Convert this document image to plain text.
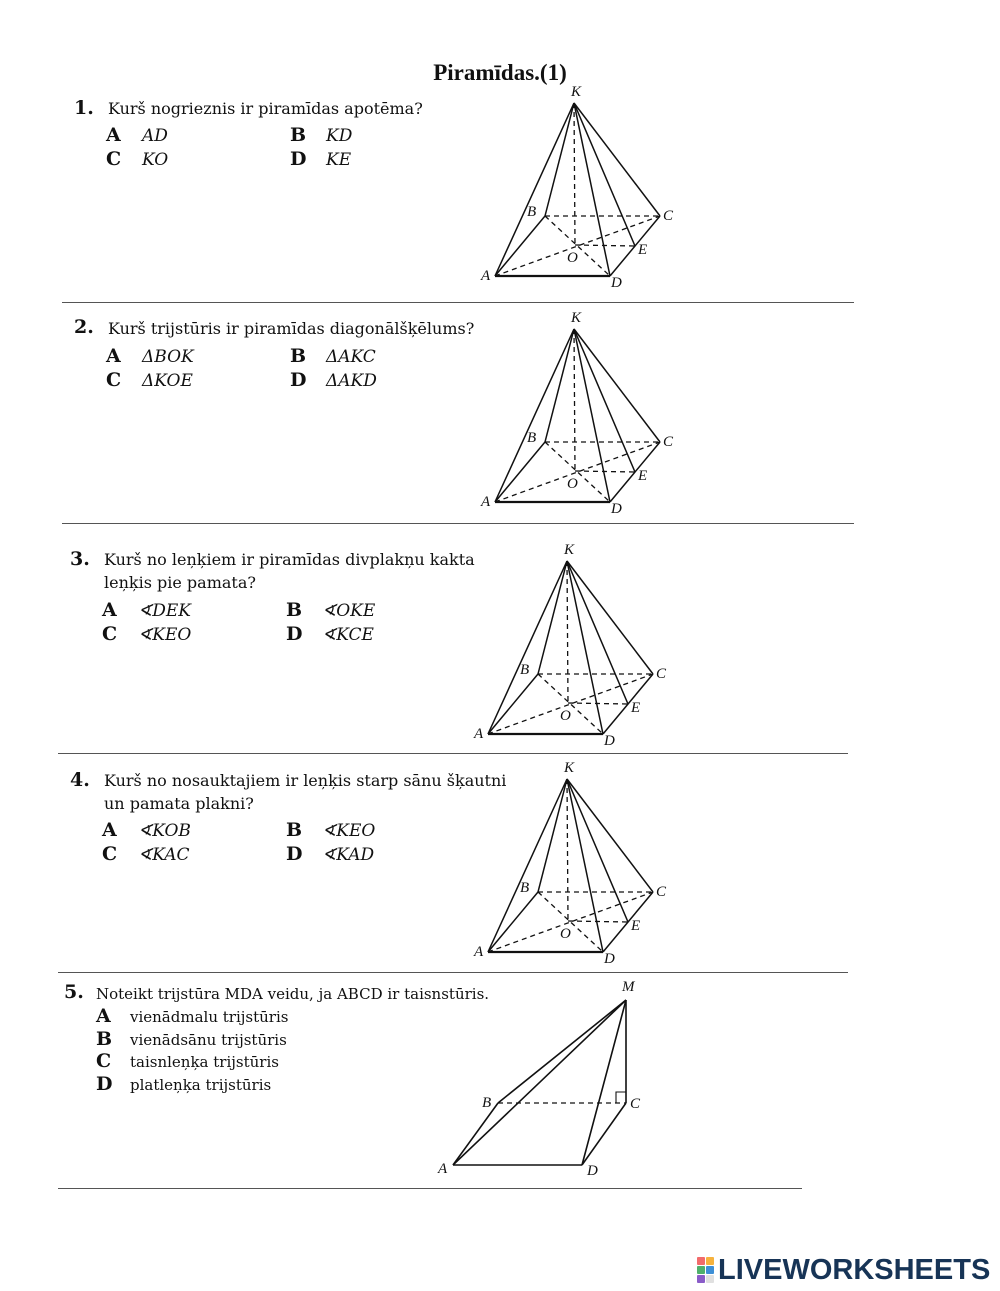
Piramīdas.(1)
1. Kurš nogrieznis ir piramīdas apotēma?
A AD	B KD
C KO	D KE
K
A
B	C
D
O	E
2. Kurš trijstūris ir piramīdas diagonālšķēlums?
A ΔBOK	B ΔAKC
C ΔKOE	D ΔAKD
K
A
B	C
D
O	E
3. Kurš no leņķiem ir piramīdas divplakņu kakta
leņķis pie pamata?
A ∢DEK	B ∢OKE
C ∢KEO	D ∢KCE
K
A
B	C
D
O	E
4. Kurš no nosauktajiem ir leņķis starp sānu šķautni
un pamata plakni?
A ∢KOB	B ∢KEO
C ∢KAC	D ∢KAD
K
A
B	C
D
O	E
5. Noteikt trijstūra MDA veidu, ja ABCD ir taisnstūris.
A vienādmalu trijstūris
B vienādsānu trijstūris
C taisnleņķa trijstūris
D platleņķa trijstūris
M
A
B	C
D
LIVEWORKSHEETS
